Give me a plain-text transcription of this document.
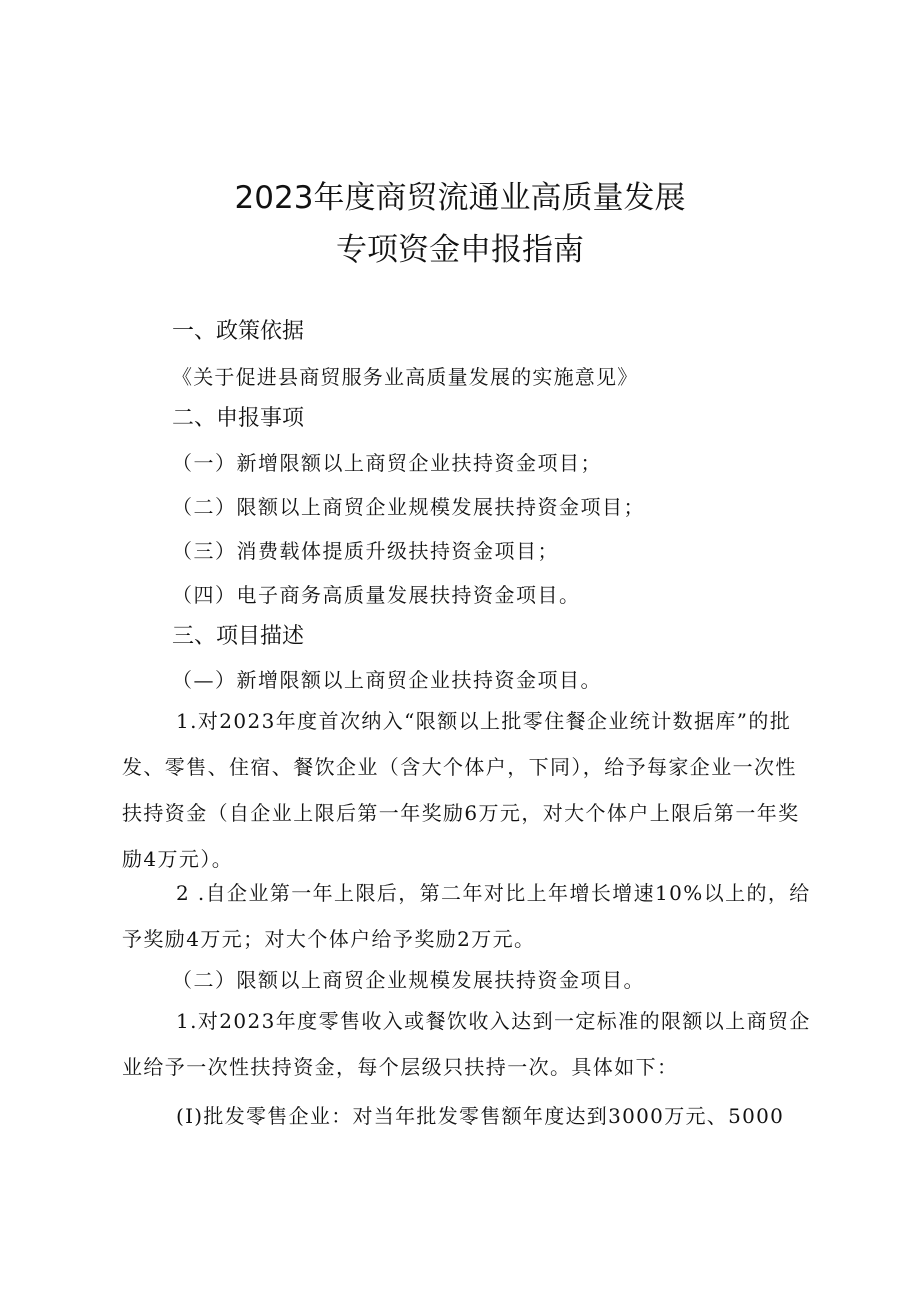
2023年度商贸流通业高质量发展
专项资金申报指南
一、政策依据
《关于促进县商贸服务业高质量发展的实施意见》
二、申报事项
（一）新增限额以上商贸企业扶持资金项目；
（二）限额以上商贸企业规模发展扶持资金项目；
（三）消费载体提质升级扶持资金项目；
（四）电子商务高质量发展扶持资金项目。
三、项目描述
（—）新增限额以上商贸企业扶持资金项目。

1.对2023年度首次纳入“限额以上批零住餐企业统计数据库”的批发、零售、住宿、餐饮企业（含大个体户，下同），给予每家企业一次性扶持资金（自企业上限后第一年奖励6万元，对大个体户上限后第一年奖励4万元）。

2 .自企业第一年上限后，第二年对比上年增长增速10%以上的，给予奖励4万元；对大个体户给予奖励2万元。

（二）限额以上商贸企业规模发展扶持资金项目。

1.对2023年度零售收入或餐饮收入达到一定标准的限额以上商贸企业给予一次性扶持资金，每个层级只扶持一次。具体如下：

(I)批发零售企业：对当年批发零售额年度达到3000万元、5000
